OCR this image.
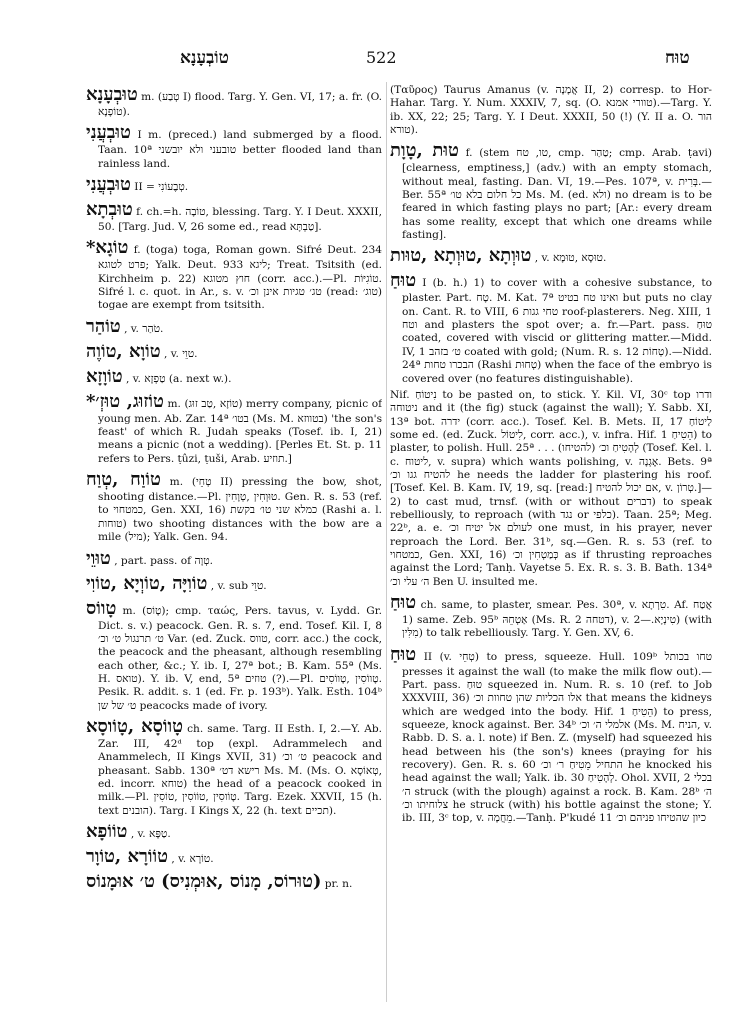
טוֹבְעָנָא	522	טוּח
טוּבְעָנָא m. (טְבַע I) flood. Targ. Y. Gen. VI, 17; a. fr. (O. טוֹפָנָא).
טוּבְעֲנִי I m. (preced.) land submerged by a flood. Taan. 10ª טובעני ולא יובשני better flooded land than rainless land.
טוּבְעֲנִי II = טְבֶעוֹנִי.
טוּבְתָא f. ch.=h. טוֹבָה, blessing. Targ. Y. I Deut. XXXII, 50. [Targ. Jud. V, 26 some ed., read טַבְתָּא].
*טוֹגָא f. (toga) toga, Roman gown. Sifré Deut. 234 פרט לטוגא; Yalk. Deut. 933 ליגא; Treat. Tsitsith (ed. Kirchheim p. 22) חוץ מטוגא (corr. acc.).—Pl. טוֹגִיּוֹת. Sifré l. c. quot. in Ar., s. v. טג׳ טגיות אינן וכ׳ (read: טוג׳) togae are exempt from tsitsith.
טוֹהַר , v. טֹהַר.
טוֹוָא ,טוֹוֶה , v. טוֵי.
טוֹוָזָא , v. טַפְזָא (a. next w.).
*טוֹזוּג, טוּזְ׳ m. (טוֹזָא ,טַב זוּג) merry company, picnic of young men. Ab. Zar. 14ª בטו׳ (Ms. M. בטווזא) 'the son's feast' of which R. Judah speaks (Tosef. ib. I, 21) means a picnic (not a wedding). [Perles Et. St. p. 11 refers to Pers. ṭûzi, ṭuši, Arab. תוזיע.]
טוֹוַח ,טְוַח m. (טְחֵי II) pressing the bow, shot, shooting distance.—Pl. טוּוְחִין ,טְוָחִין. Gen. R. s. 53 (ref. to כמטחוי, Gen. XXI, 16) כמלא שני טו׳ בקשת (Rashi a. l. טוחות) two shooting distances with the bow are a mile (מיל); Yalk. Gen. 94.
טוּוֵי , part. pass. of טְוָה.
טוֹוִיָּה ,טוֹוְיָא ,טוֹוִי , v. sub טוֵי.
טָווֹס m. (טָוֹס); cmp. ταώς, Pers. tavus, v. Lydd. Gr. Dict. s. v.) peacock. Gen. R. s. 7, end. Tosef. Kil. I, 8 ט׳ תרנגול ט׳ וכ׳ Var. (ed. Zuck. טווס, corr. acc.) the cock, the peacock and the pheasant, although resembling each other, &c.; Y. ib. I, 27ª bot.; B. Kam. 55ª (Ms. H. טואס). Y. ib. V, end, 5ª טוזים (?).—Pl. טָווֹסִין ,טָווֹסִים. Pesik. R. addit. s. 1 (ed. Fr. p. 193ᵇ). Yalk. Esth. 104ᵇ ט׳ של שן peacocks made of ivory.
טָווֹסָא ,טָוֹוסָא ch. same. Targ. II Esth. I, 2.—Y. Ab. Zar. III, 42ᵈ top (expl. Adrammelech and Anammelech, II Kings XVII, 31) ט׳ וכ׳ peacock and pheasant. Sabb. 130ª רישא דט׳ Ms. M. (Ms. O. טְאוֹסָא, ed. incorr. טוחא) the head of a peacock cooked in milk.—Pl. טָוֹוסִין ,טוֹוֹסִין ,טוֹסִין. Targ. Ezek. XXVII, 15 (h. text הובנים). Targ. I Kings X, 22 (h. text תכיים).
טוֹוֹפָא , v. טַפָּא.
טוֹוֹרָא ,טוֹוָר , v. טוֹרָא.
טוּרוֹס, מָנוֹס ,אוּמְנִיס) ט׳ אוּמָנוֹס) pr. n.
(Ταῦρος) Taurus Amanus (v. אֲמָנָה II, 2) corresp. to Hor-Hahar. Targ. Y. Num. XXXIV, 7, sq. (O. טוורי אמנא).—Targ. Y. ib. XX, 22; 25; Targ. Y. I Deut. XXXII, 50 (!) (Y. II a. O. הור טורא).
טוּת ,טָוָת f. (stem טו, טח, cmp. טַהַר; cmp. Arab. ṭavi) [clearness, emptiness,] (adv.) with an empty stomach, without meal, fasting. Dan. VI, 19.—Pes. 107ª, v. בְּרִית.—Ber. 55ª כל חלום בלא טו׳ Ms. M. (ed. ולא) no dream is to be feared in which fasting plays no part; [Ar.: every dream has some reality, except that which one dreams while fasting].
טוּוְתָא ,טוּוְתָא ,טוּות , v. טוּסָא ,טוּמָא.
טוּחַ I (b. h.) 1) to cover with a cohesive substance, to plaster. Part. טָח. M. Kat. 7ª ואינו טח בטיט but puts no clay on. Cant. R. to VIII, 6 טחי גגות roof-plasterers. Neg. XIII, 1 וטח and plasters the spot over; a. fr.—Part. pass. טוּחַ coated, covered with viscid or glittering matter.—Midd. IV, 1 ט׳ בזהב coated with gold; (Num. R. s. 12 טְחוֹת).—Nidd. 24ª הבכרו טחות (Rashi טְחוּת) when the face of the embryo is covered over (no features distinguishable).
Nif. נִיטוֹחַ to be pasted on, to stick. Y. Kil. VI, 30ᶜ top ודרו ניטוחה and it (the fig) stuck (against the wall); Y. Sabb. XI, 13ª bot. ידרה (corr. acc.). Tosef. Kel. B. Mets. II, 17 לַיטוֹחַ some ed. (ed. Zuck. לִיטוֹל, corr. acc.), v. infra. Hif. הֵטִיחַ 1) to plaster, to polish. Hull. 25ª . . . לְהָטִיחַ וכ׳ (להטיחו) (Tosef. Kel. l. c. ליטוח, v. supra) which wants polishing, v. אֶגְנָה. Bets. 9ª להטיח גגו וכ׳ he needs the ladder for plastering his roof. [Tosef. Kel. B. Kam. IV, 19, sq. [read:] אם יכול להטיח, v. טְרוֹן.]—2) to cast mud, trnsf. (with or without דברים) to speak rebelliously, to reproach (with נגד or כלפי). Taan. 25ª; Meg. 22ᵇ, a. e. לעולם אל יטיח וכ׳ one must, in his prayer, never reproach the Lord. Ber. 31ᵇ, sq.—Gen. R. s. 53 (ref. to כמטחוי, Gen. XXI, 16) כְּמַטְחִין וכ׳ as if thrusting reproaches against the Lord; Tanḥ. Vayetse 5. Ex. R. s. 3. B. Bath. 134ª ה׳ עלי וכ׳ Ben U. insulted me.
טוּחַ ch. same, to plaster, smear. Pes. 30ª, v. טִרְתָא. Af. אֲטַח 1) same. Zeb. 95ᵇ אַטְחֵהּ (Ms. R. 2 דטחה), v. טִינְיָא.—2) (with מִלִּין) to talk rebelliously. Targ. Y. Gen. XV, 6.
טוּחַ II (v. טְחֵי) to press, squeeze. Hull. 109ᵇ טחו בכותל presses it against the wall (to make the milk flow out).—Part. pass. טוּחַ squeezed in. Num. R. s. 10 (ref. to Job XXXVIII, 36) אלו הכליות שהן טחוות וכ׳ that means the kidneys which are wedged into the body. Hif. הֵטִיחַ 1) to press, squeeze, knock against. Ber. 34ᵇ אלמלי ה׳ וכ׳ (Ms. M. הניח, v. Rabb. D. S. a. l. note) if Ben. Z. (myself) had squeezed his head between his (the son's) knees (praying for his recovery). Gen. R. s. 60 התחיל מֵטִיחַ ר׳ וכ׳ he knocked his head against the wall; Yalk. ib. 30 לְהָטִיחַ. Ohol. XVII, 2 בכלי ה׳ struck (with the plough) against a rock. B. Kam. 28ᵇ ה׳ צלוחיתו וכ׳ he struck (with) his bottle against the stone; Y. ib. III, 3ᶜ top, v. מֵחֲמָה.—Tanḥ. P'kudé 11 כיון שהטיחו פניהם וכ׳
